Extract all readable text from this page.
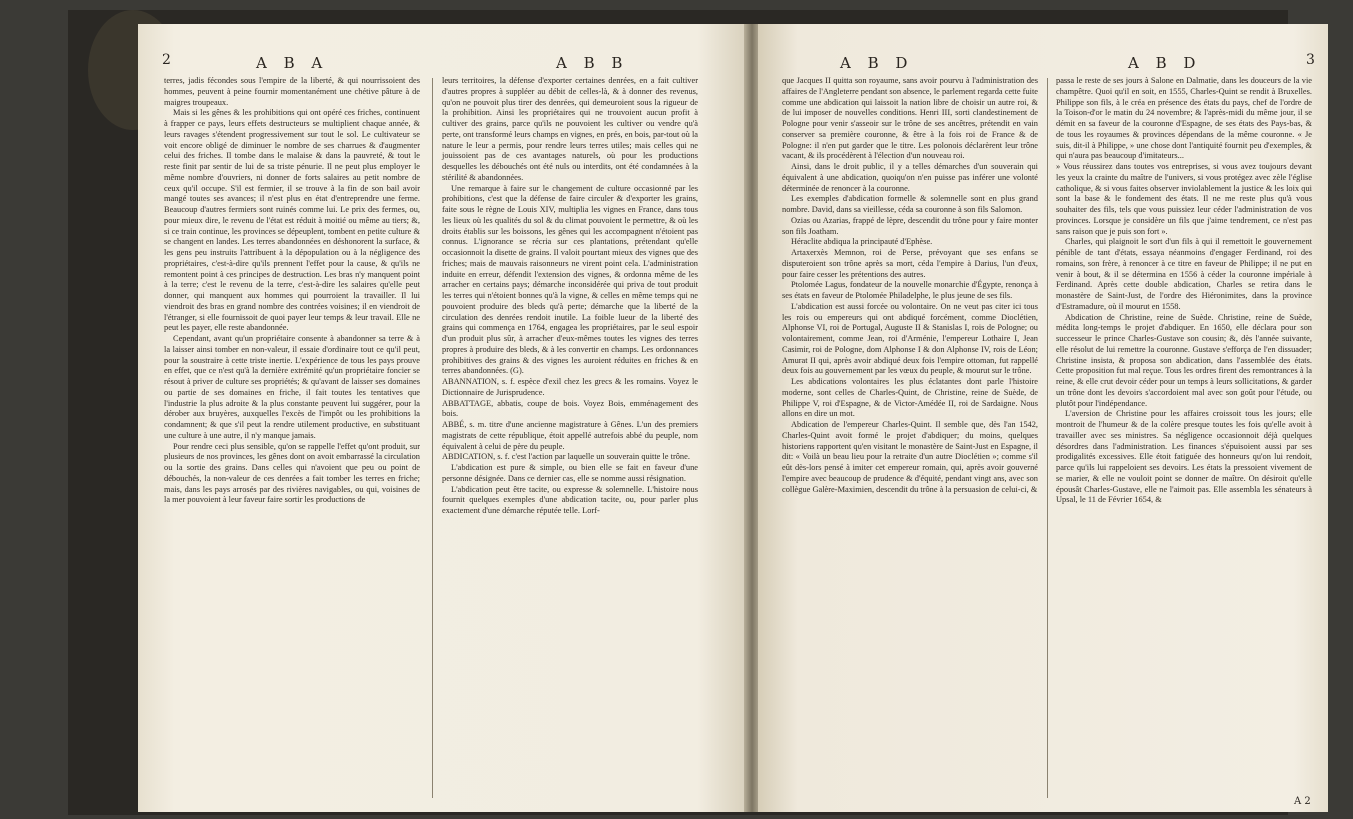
2	A B A	A B B

terres, jadis fécondes sous l'empire de la liberté, & qui nourrissoient des hommes, peuvent à peine fournir momentanément une chétive pâture à de maigres troupeaux.

Mais si les gênes & les prohibitions qui ont opéré ces friches, continuent à frapper ce pays, leurs effets destructeurs se multiplient chaque année, & leurs ravages s'étendent progressivement sur tout le sol. Le cultivateur se voit encore obligé de diminuer le nombre de ses charrues & d'augmenter celui des friches. Il tombe dans le malaise & dans la pauvreté, & tout le reste finit par sentir de lui de sa triste pénurie. Il ne peut plus employer le même nombre d'ouvriers, ni donner de forts salaires au petit nombre de ceux qu'il occupe. S'il est fermier, il se trouve à la fin de son bail avoir mangé toutes ses avances; il n'est plus en état d'entreprendre une ferme. Beaucoup d'autres fermiers sont ruinés comme lui. Le prix des fermes, ou, pour mieux dire, le revenu de l'état est réduit à moitié ou même au tiers; &, si ce train continue, les provinces se dépeuplent, tombent en petite culture & se changent en landes. Les terres abandonnées en déshonorent la surface, & les gens peu instruits l'attribuent à la dépopulation ou à la négligence des propriétaires, c'est-à-dire qu'ils prennent l'effet pour la cause, & qu'ils ne remontent point à ces principes de destruction. Les bras n'y manquent point à la terre; c'est le revenu de la terre, c'est-à-dire les salaires qu'elle peut donner, qui manquent aux hommes qui pourroient la travailler. Il lui viendroit des bras en grand nombre des contrées voisines; il en viendroit de l'étranger, si elle fournissoit de quoi payer leur temps & leur travail. Elle ne peut les payer, elle reste abandonnée.

Cependant, avant qu'un propriétaire consente à abandonner sa terre & à la laisser ainsi tomber en non-valeur, il essaie d'ordinaire tout ce qu'il peut, pour la soustraire à cette triste inertie. L'expérience de tous les pays prouve en effet, que ce n'est qu'à la dernière extrémité qu'un propriétaire foncier se résout à priver de culture ses propriétés; & qu'avant de laisser ses domaines ou partie de ses domaines en friche, il fait toutes les tentatives que l'industrie la plus adroite & la plus constante peuvent lui suggérer, pour la dérober aux bruyères, auxquelles l'excès de l'impôt ou les prohibitions la condamnent; & que s'il peut la rendre utilement productive, en substituant une culture à une autre, il n'y manque jamais.

Pour rendre ceci plus sensible, qu'on se rappelle l'effet qu'ont produit, sur plusieurs de nos provinces, les gênes dont on avoit embarrassé la circulation ou la sortie des grains. Dans celles qui n'avoient que peu ou point de débouchés, la non-valeur de ces denrées a fait tomber les terres en friche; mais, dans les pays arrosés par des rivières navigables, ou qui, voisines de la mer pouvoient à leur faveur faire sortir les productions de

leurs territoires, la défense d'exporter certaines denrées, en a fait cultiver d'autres propres à suppléer au débit de celles-là, & à donner des revenus, qu'on ne pouvoit plus tirer des denrées, qui demeuroient sous la rigueur de la prohibition. Ainsi les propriétaires qui ne trouvoient aucun profit à cultiver des grains, parce qu'ils ne pouvoient les cultiver ou vendre qu'à perte, ont transformé leurs champs en vignes, en prés, en bois, par-tout où la nature le leur a permis, pour rendre leurs terres utiles; mais celles qui ne jouissoient pas de ces avantages naturels, où pour les productions desquelles les débouchés ont été nuls ou interdits, ont été condamnées à la stérilité & abandonnées.

Une remarque à faire sur le changement de culture occasionné par les prohibitions, c'est que la défense de faire circuler & d'exporter les grains, faite sous le règne de Louis XIV, multiplia les vignes en France, dans tous les lieux où les qualités du sol & du climat pouvoient le permettre, & où les droits établis sur les boissons, les gênes qui les accompagnent n'étoient pas connus. L'ignorance se récria sur ces plantations, prétendant qu'elle occasionnoit la disette de grains. Il valoit pourtant mieux des vignes que des friches; mais de mauvais raisonneurs ne virent point cela. L'administration induite en erreur, défendit l'extension des vignes, & ordonna même de les arracher en certains pays; démarche inconsidérée qui priva de tout produit les terres qui n'étoient bonnes qu'à la vigne, & celles en même temps qui ne pouvoient produire des bleds qu'à perte; démarche que la liberté de la circulation des denrées rendoit inutile. La foible lueur de la liberté des grains qui commença en 1764, engagea les propriétaires, par le seul espoir d'un produit plus sûr, à arracher d'eux-mêmes toutes les vignes des terres propres à produire des bleds, & à les convertir en champs. Les ordonnances prohibitives des grains & des vignes les auroient réduites en friches & en terres abandonnées. (G).

ABANNATION, s. f. espèce d'exil chez les grecs & les romains. Voyez le Dictionnaire de Jurisprudence.

ABBATTAGE, abbatis, coupe de bois. Voyez Bois, emménagement des bois.

ABBÉ, s. m. titre d'une ancienne magistrature à Gênes. L'un des premiers magistrats de cette république, étoit appellé autrefois abbé du peuple, nom équivalent à celui de père du peuple.

ABDICATION, s. f. c'est l'action par laquelle un souverain quitte le trône.

L'abdication est pure & simple, ou bien elle se fait en faveur d'une personne désignée. Dans ce dernier cas, elle se nomme aussi résignation.

L'abdication peut être tacite, ou expresse & solemnelle. L'histoire nous fournit quelques exemples d'une abdication tacite, ou, pour parler plus exactement d'une démarche réputée telle. Lorf-

A B D	A B D	3

que Jacques II quitta son royaume, sans avoir pourvu à l'administration des affaires de l'Angleterre pendant son absence, le parlement regarda cette fuite comme une abdication qui laissoit la nation libre de choisir un autre roi, & de lui imposer de nouvelles conditions. Henri III, sorti clandestinement de Pologne pour venir s'asseoir sur le trône de ses ancêtres, prétendit en vain conserver sa première couronne, & être à la fois roi de France & de Pologne: il n'en put garder que le titre. Les polonois déclarèrent leur trône vacant, & ils procédèrent à l'élection d'un nouveau roi.

Ainsi, dans le droit public, il y a telles démarches d'un souverain qui équivalent à une abdication, quoiqu'on n'en puisse pas inférer une volonté déterminée de renoncer à la couronne.

Les exemples d'abdication formelle & solemnelle sont en plus grand nombre. David, dans sa vieillesse, céda sa couronne à son fils Salomon.

Ozias ou Azarias, frappé de lèpre, descendit du trône pour y faire monter son fils Joatham.

Héraclite abdiqua la principauté d'Ephèse.

Artaxerxès Memnon, roi de Perse, prévoyant que ses enfans se disputeroient son trône après sa mort, céda l'empire à Darius, l'un d'eux, pour faire cesser les prétentions des autres.

Ptolomée Lagus, fondateur de la nouvelle monarchie d'Égypte, renonça à ses états en faveur de Ptolomée Philadelphe, le plus jeune de ses fils.

L'abdication est aussi forcée ou volontaire. On ne veut pas citer ici tous les rois ou empereurs qui ont abdiqué forcément, comme Dioclétien, Alphonse VI, roi de Portugal, Auguste II & Stanislas I, rois de Pologne; ou volontairement, comme Jean, roi d'Arménie, l'empereur Lothaire I, Jean Casimir, roi de Pologne, dom Alphonse I & don Alphonse IV, rois de Léon; Amurat II qui, après avoir abdiqué deux fois l'empire ottoman, fut rappellé deux fois au gouvernement par les vœux du peuple, & mourut sur le trône.

Les abdications volontaires les plus éclatantes dont parle l'histoire moderne, sont celles de Charles-Quint, de Christine, reine de Suède, de Philippe V, roi d'Espagne, & de Victor-Amédée II, roi de Sardaigne. Nous allons en dire un mot.

Abdication de l'empereur Charles-Quint. Il semble que, dès l'an 1542, Charles-Quint avoit formé le projet d'abdiquer; du moins, quelques historiens rapportent qu'en visitant le monastère de Saint-Just en Espagne, il dit: « Voilà un beau lieu pour la retraite d'un autre Dioclétien »; comme s'il eût dès-lors pensé à imiter cet empereur romain, qui, après avoir gouverné l'empire avec beaucoup de prudence & d'équité, pendant vingt ans, avec son collègue Galère-Maximien, descendit du trône à la persuasion de celui-ci, &

passa le reste de ses jours à Salone en Dalmatie, dans les douceurs de la vie champêtre. Quoi qu'il en soit, en 1555, Charles-Quint se rendit à Bruxelles. Philippe son fils, à le créa en présence des états du pays, chef de l'ordre de la Toison-d'or le matin du 24 novembre; & l'après-midi du même jour, il se démit en sa faveur de la couronne d'Espagne, de ses états des Pays-bas, & de tous les royaumes & provinces dépendans de la même couronne. « Je suis, dit-il à Philippe, » une chose dont l'antiquité fournit peu d'exemples, & qui n'aura pas beaucoup d'imitateurs...

» Vous réussirez dans toutes vos entreprises, si vous avez toujours devant les yeux la crainte du maître de l'univers, si vous protégez avec zèle l'église catholique, & si vous faites observer inviolablement la justice & les loix qui sont la base & le fondement des états. Il ne me reste plus qu'à vous souhaiter des fils, tels que vous puissiez leur céder l'administration de vos provinces. Lorsque je considère un fils que j'aime tendrement, ce n'est pas sans raison que je puis son fort ».

Charles, qui plaignoit le sort d'un fils à qui il remettoit le gouvernement pénible de tant d'états, essaya néanmoins d'engager Ferdinand, roi des romains, son frère, à renoncer à ce titre en faveur de Philippe; il ne put en venir à bout, & il se détermina en 1556 à céder la couronne impériale à Ferdinand. Après cette double abdication, Charles se retira dans le monastère de Saint-Just, de l'ordre des Hiéronimites, dans la province d'Estramadure, où il mourut en 1558.

Abdication de Christine, reine de Suède. Christine, reine de Suède, médita long-temps le projet d'abdiquer. En 1650, elle déclara pour son successeur le prince Charles-Gustave son cousin; &, dès l'année suivante, elle résolut de lui remettre la couronne. Gustave s'efforça de l'en dissuader; Christine insista, & proposa son abdication, dans l'assemblée des états. Cette proposition fut mal reçue. Tous les ordres firent des remontrances à la reine, & elle crut devoir céder pour un temps à leurs sollicitations, & garder un trône dont les devoirs s'accordoient mal avec son goût pour l'étude, ou plutôt pour l'indépendance.

L'aversion de Christine pour les affaires croissoit tous les jours; elle montroit de l'humeur & de la colère presque toutes les fois qu'elle avoit à travailler avec ses ministres. Sa négligence occasionnoit déjà quelques désordres dans l'administration. Les finances s'épuisoient aussi par ses prodigalités excessives. Elle étoit fatiguée des honneurs qu'on lui rendoit, parce qu'ils lui rappeloient ses devoirs. Les états la pressoient vivement de se marier, & elle ne vouloit point se donner de maître. On désiroit qu'elle épousât Charles-Gustave, elle ne l'aimoit pas. Elle assembla les sénateurs à Upsal, le 11 de Février 1654, &

A 2
